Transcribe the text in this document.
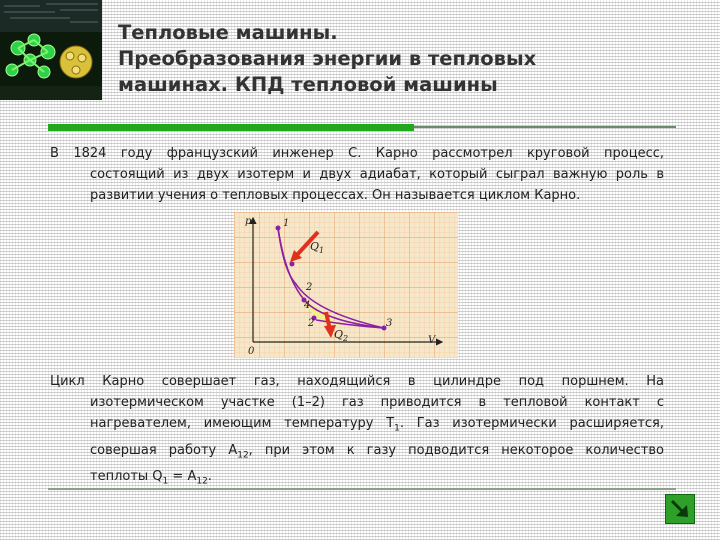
Тепловые машины.
Преобразования энергии в тепловых
машинах. КПД тепловой машины

В 1824 году французский инженер С. Карно рассмотрел круговой процесс,
состоящий из двух изотерм и двух адиабат, который сыграл важную роль в
развитии учения о тепловых процессах. Он называется циклом Карно.

p
V
1
2
4
2	3
0
$Q_1$
$Q_2$

Цикл Карно совершает газ, находящийся в цилиндре под поршнем. На
изотермическом участке (1–2) газ приводится в тепловой контакт с
нагревателем, имеющим температуру $T_1$. Газ изотермически расширяется,
совершая работу $A_{12}$, при этом к газу подводится некоторое количество
теплоты $Q_1 = A_{12}$.
